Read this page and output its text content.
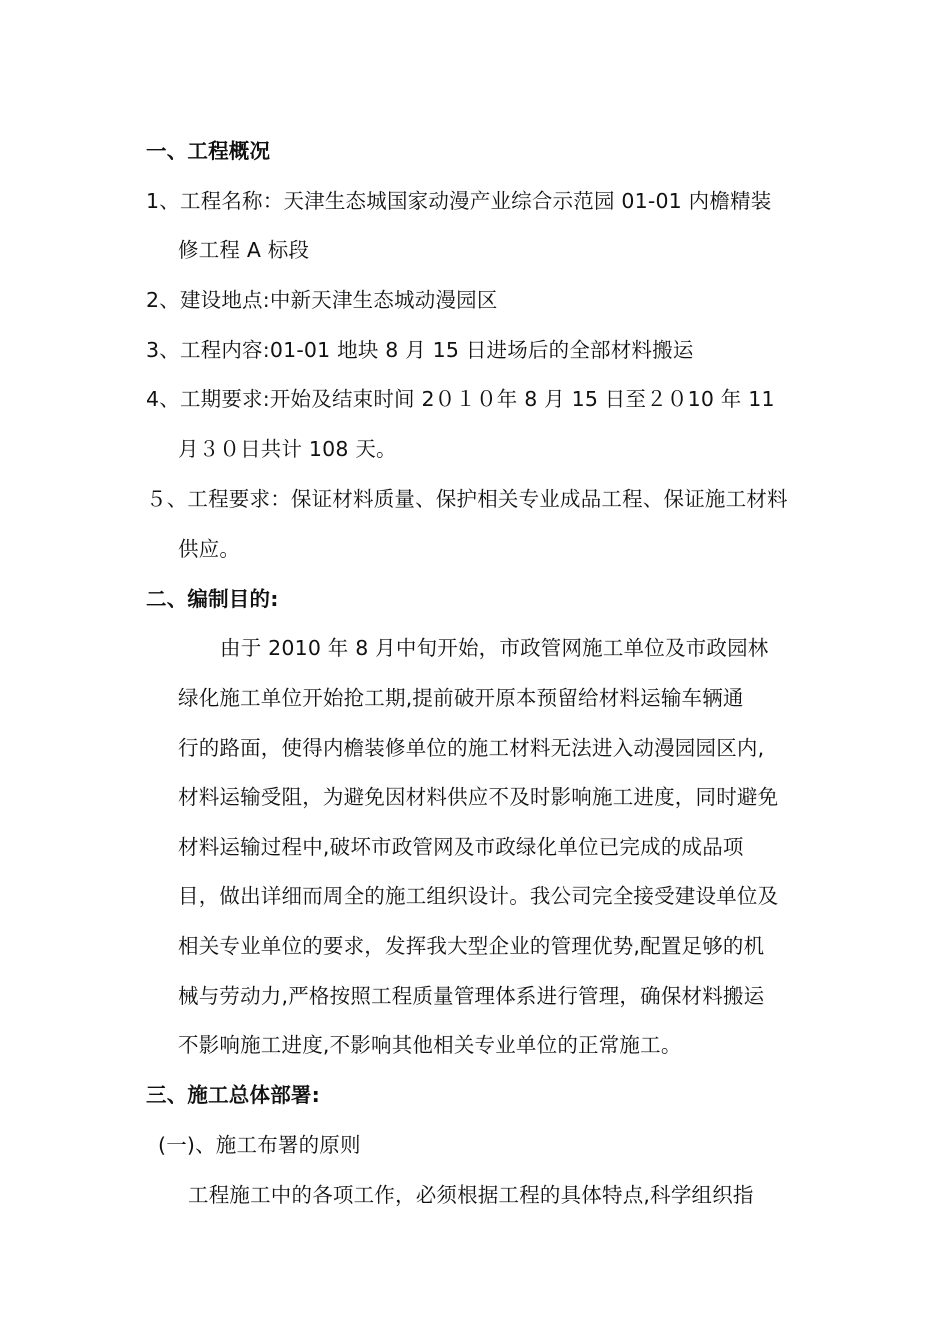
一、工程概况

1、工程名称：天津生态城国家动漫产业综合示范园 01-01 内檐精装

修工程 A 标段

2、建设地点:中新天津生态城动漫园区

3、工程内容:01-01 地块 8 月 15 日进场后的全部材料搬运

4、工期要求:开始及结束时间 2０１０年 8 月 15 日至２０10 年 11

月３０日共计 108 天。

５、工程要求：保证材料质量、保护相关专业成品工程、保证施工材料

供应。

二、编制目的:

由于 2010 年 8 月中旬开始，市政管网施工单位及市政园林

绿化施工单位开始抢工期,提前破开原本预留给材料运输车辆通

行的路面，使得内檐装修单位的施工材料无法进入动漫园园区内,

材料运输受阻，为避免因材料供应不及时影响施工进度，同时避免

材料运输过程中,破坏市政管网及市政绿化单位已完成的成品项

目，做出详细而周全的施工组织设计。我公司完全接受建设单位及

相关专业单位的要求，发挥我大型企业的管理优势,配置足够的机

械与劳动力,严格按照工程质量管理体系进行管理，确保材料搬运

不影响施工进度,不影响其他相关专业单位的正常施工。

三、施工总体部署:

(一)、施工布署的原则

工程施工中的各项工作，必须根据工程的具体特点,科学组织指
